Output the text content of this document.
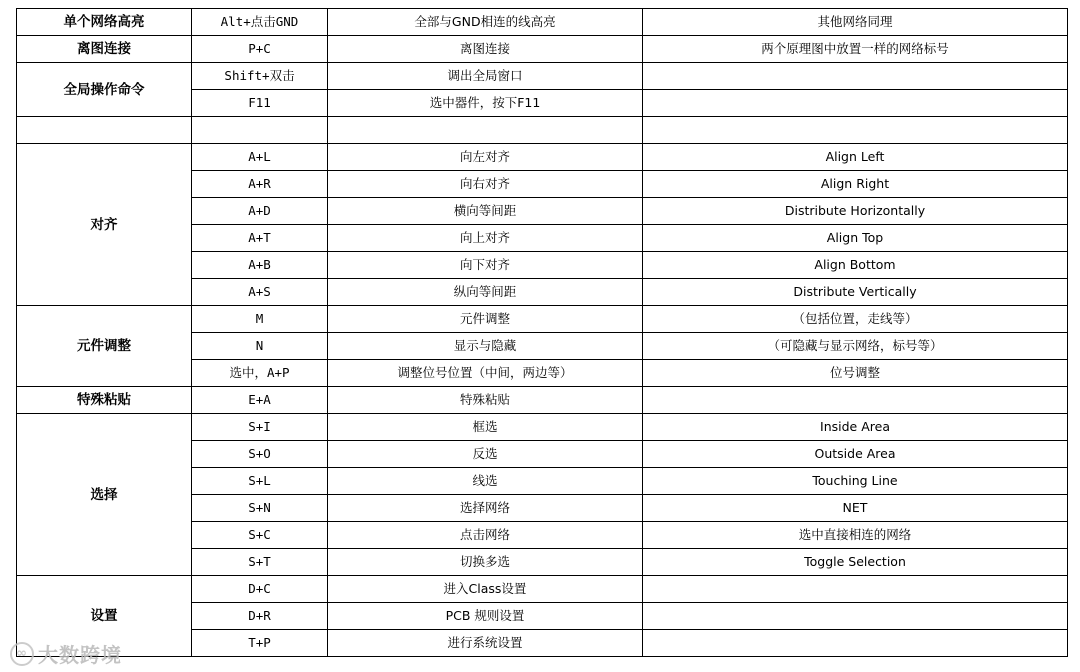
单个网络高亮	Alt+点击GND	全部与GND相连的线高亮	其他网络同理
离图连接	P+C	离图连接	两个原理图中放置一样的网络标号
全局操作命令	Shift+双击	调出全局窗口	
	F11	选中器件，按下F11	

对齐	A+L	向左对齐	Align Left
	A+R	向右对齐	Align Right
	A+D	横向等间距	Distribute Horizontally
	A+T	向上对齐	Align Top
	A+B	向下对齐	Align Bottom
	A+S	纵向等间距	Distribute Vertically
元件调整	M	元件调整	（包括位置，走线等）
	N	显示与隐藏	（可隐藏与显示网络，标号等）
	选中，A+P	调整位号位置（中间，两边等）	位号调整
特殊粘贴	E+A	特殊粘贴	
选择	S+I	框选	Inside Area
	S+O	反选	Outside Area
	S+L	线选	Touching Line
	S+N	选择网络	NET
	S+C	点击网络	选中直接相连的网络
	S+T	切换多选	Toggle Selection
设置	D+C	进入Class设置	
	D+R	PCB 规则设置	
	T+P	进行系统设置	
∞ 大数跨境
